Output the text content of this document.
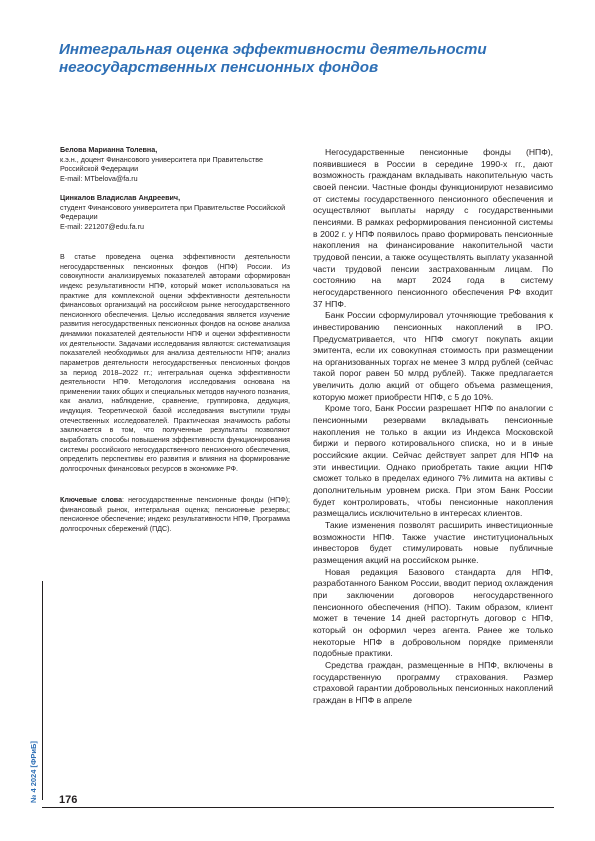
Интегральная оценка эффективности деятельности негосударственных пенсионных фондов
Белова Марианна Толевна,
к.э.н., доцент Финансового университета при Правительстве Российской Федерации
E-mail: MTbelova@fa.ru
Цинкалов Владислав Андреевич,
студент Финансового университета при Правительстве Российской Федерации
E-mail: 221207@edu.fa.ru
В статье проведена оценка эффективности деятельности негосударственных пенсионных фондов (НПФ) России. Из совокупности анализируемых показателей авторами сформирован индекс результативности НПФ, который может использоваться на практике для комплексной оценки эффективности деятельности финансовых организаций на российском рынке негосударственного пенсионного обеспечения. Целью исследования является изучение развития негосударственных пенсионных фондов на основе анализа динамики показателей деятельности НПФ и оценки эффективности их деятельности. Задачами исследования являются: систематизация показателей необходимых для анализа деятельности НПФ; анализ параметров деятельности негосударственных пенсионных фондов за период 2018–2022 гг.; интегральная оценка эффективности деятельности НПФ. Методология исследования основана на применении таких общих и специальных методов научного познания, как анализ, наблюдение, сравнение, группировка, дедукция, индукция. Теоретической базой исследования выступили труды отечественных исследователей. Практическая значимость работы заключается в том, что полученные результаты позволяют выработать способы повышения эффективности функционирования системы российского негосударственного пенсионного обеспечения, определить перспективы его развития и влияния на формирование долгосрочных финансовых ресурсов в экономике РФ.
Ключевые слова: негосударственные пенсионные фонды (НПФ); финансовый рынок, интегральная оценка; пенсионные резервы; пенсионное обеспечение; индекс результативности НПФ, Программа долгосрочных сбережений (ПДС).

Негосударственные пенсионные фонды (НПФ), появившиеся в России в середине 1990-х гг., дают возможность гражданам вкладывать накопительную часть своей пенсии. Частные фонды функционируют независимо от системы государственного пенсионного обеспечения и осуществляют выплаты наряду с государственными пенсиями. В рамках реформирования пенсионной системы в 2002 г. у НПФ появилось право формировать пенсионные накопления на финансирование накопительной части трудовой пенсии, а также осуществлять выплату указанной части трудовой пенсии застрахованным лицам. По состоянию на март 2024 года в систему негосударственного пенсионного обеспечения РФ входит 37 НПФ.

Банк России сформулировал уточняющие требования к инвестированию пенсионных накоплений в IPO. Предусматривается, что НПФ смогут покупать акции эмитента, если их совокупная стоимость при размещении на организованных торгах не менее 3 млрд рублей (сейчас такой порог равен 50 млрд рублей). Также предлагается увеличить долю акций от общего объема размещения, которую может приобрести НПФ, с 5 до 10%.

Кроме того, Банк России разрешает НПФ по аналогии с пенсионными резервами вкладывать пенсионные накопления не только в акции из Индекса Московской биржи и первого котировального списка, но и в иные российские акции. Сейчас действует запрет для НПФ на эти инвестиции. Однако приобретать такие акции НПФ сможет только в пределах единого 7% лимита на активы с дополнительным уровнем риска. При этом Банк России будет контролировать, чтобы пенсионные накопления размещались исключительно в интересах клиентов.

Такие изменения позволят расширить инвестиционные возможности НПФ. Также участие институциональных инвесторов будет стимулировать новые публичные размещения акций на российском рынке.

Новая редакция Базового стандарта для НПФ, разработанного Банком России, вводит период охлаждения при заключении договоров негосударственного пенсионного обеспечения (НПО). Таким образом, клиент может в течение 14 дней расторгнуть договор с НПФ, который он оформил через агента. Ранее же только некоторые НПФ в добровольном порядке применяли подобные практики.

Средства граждан, размещенные в НПФ, включены в государственную программу страхования. Размер страховой гарантии добровольных пенсионных накоплений граждан в НПФ в апреле

№ 4 2024 [ФРиБ] 176
